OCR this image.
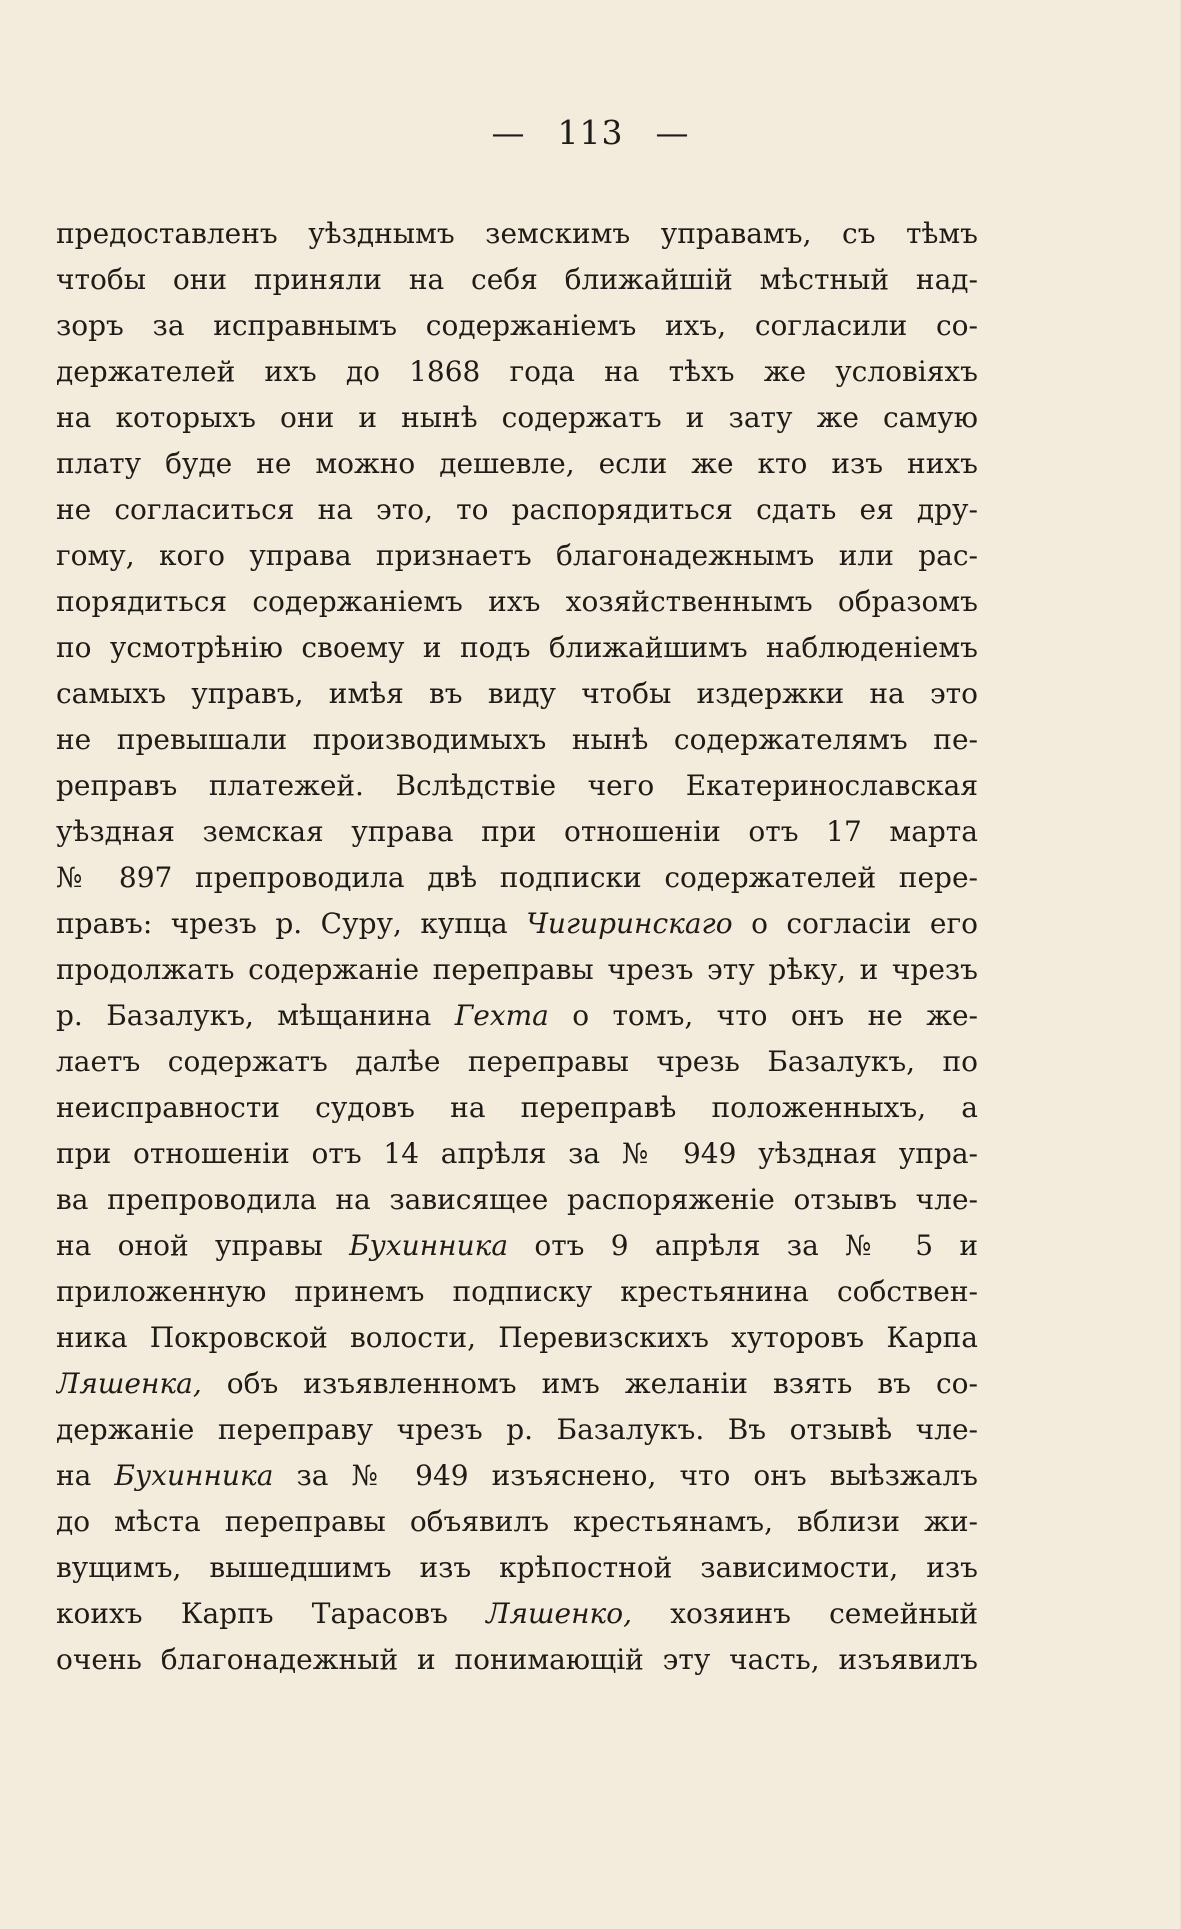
— 113 —
предоставленъ уѣзднымъ земскимъ управамъ, съ тѣмъ
чтобы они приняли на себя ближайшій мѣстный над-
зоръ за исправнымъ содержаніемъ ихъ, согласили со-
держателей ихъ до 1868 года на тѣхъ же условіяхъ
на которыхъ они и нынѣ содержатъ и зату же самую
плату буде не можно дешевле, если же кто изъ нихъ
не согласиться на это, то распорядиться сдать ея дру-
гому, кого управа признаетъ благонадежнымъ или рас-
порядиться содержаніемъ ихъ хозяйственнымъ образомъ
по усмотрѣнію своему и подъ ближайшимъ наблюденіемъ
самыхъ управъ, имѣя въ виду чтобы издержки на это
не превышали производимыхъ нынѣ содержателямъ пе-
реправъ платежей. Вслѣдствіе чего Екатеринославская
уѣздная земская управа при отношеніи отъ 17 марта
№ 897 препроводила двѣ подписки содержателей пере-
правъ: чрезъ р. Суру, купца Чигиринскаго о согласіи его
продолжать содержаніе переправы чрезъ эту рѣку, и чрезъ
р. Базалукъ, мѣщанина Гехта о томъ, что онъ не же-
лаетъ содержатъ далѣе переправы чрезь Базалукъ, по
неисправности судовъ на переправѣ положенныхъ, а
при отношеніи отъ 14 апрѣля за № 949 уѣздная упра-
ва препроводила на зависящее распоряженіе отзывъ чле-
на оной управы Бухинника отъ 9 апрѣля за № 5 и
приложенную принемъ подписку крестьянина собствен-
ника Покровской волости, Перевизскихъ хуторовъ Карпа
Ляшенка, объ изъявленномъ имъ желаніи взять въ со-
держаніе переправу чрезъ р. Базалукъ. Въ отзывѣ чле-
на Бухинника за № 949 изъяснено, что онъ выѣзжалъ
до мѣста переправы объявилъ крестьянамъ, вблизи жи-
вущимъ, вышедшимъ изъ крѣпостной зависимости, изъ
коихъ Карпъ Тарасовъ Ляшенко, хозяинъ семейный
очень благонадежный и понимающій эту часть, изъявилъ
